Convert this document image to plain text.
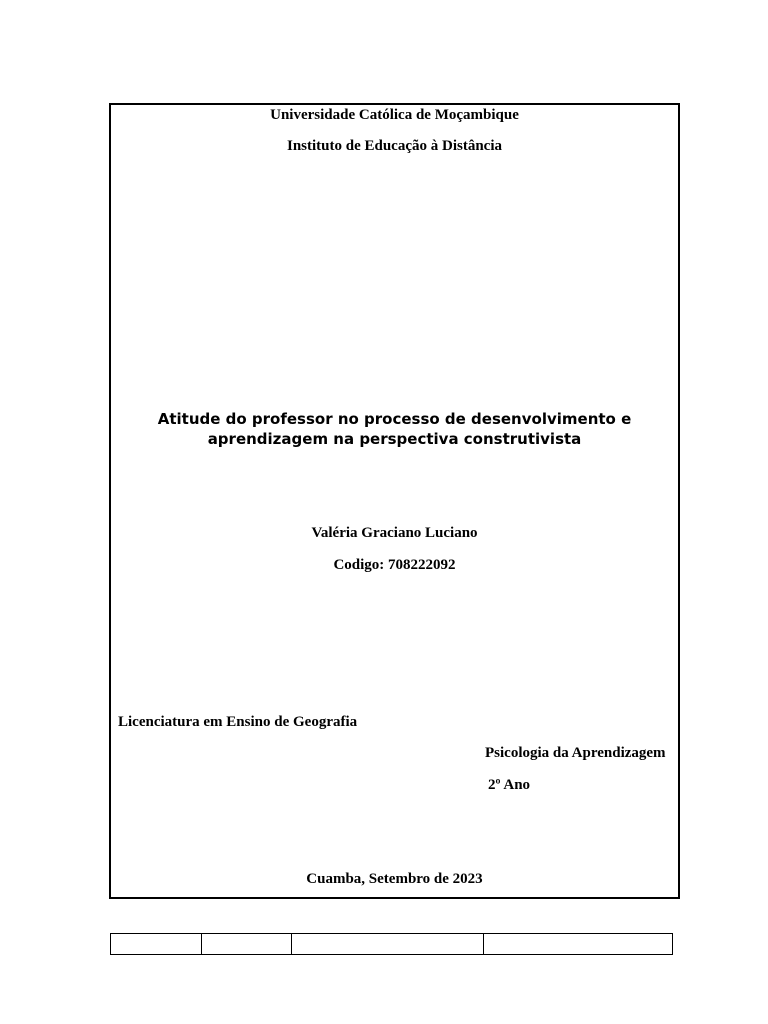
Universidade Católica de Moçambique
Instituto de Educação à Distância
Atitude do professor no processo de desenvolvimento e
aprendizagem na perspectiva construtivista
Valéria Graciano Luciano
Codigo: 708222092
Licenciatura em Ensino de Geografia
Psicologia da Aprendizagem
2º Ano
Cuamba, Setembro de 2023
